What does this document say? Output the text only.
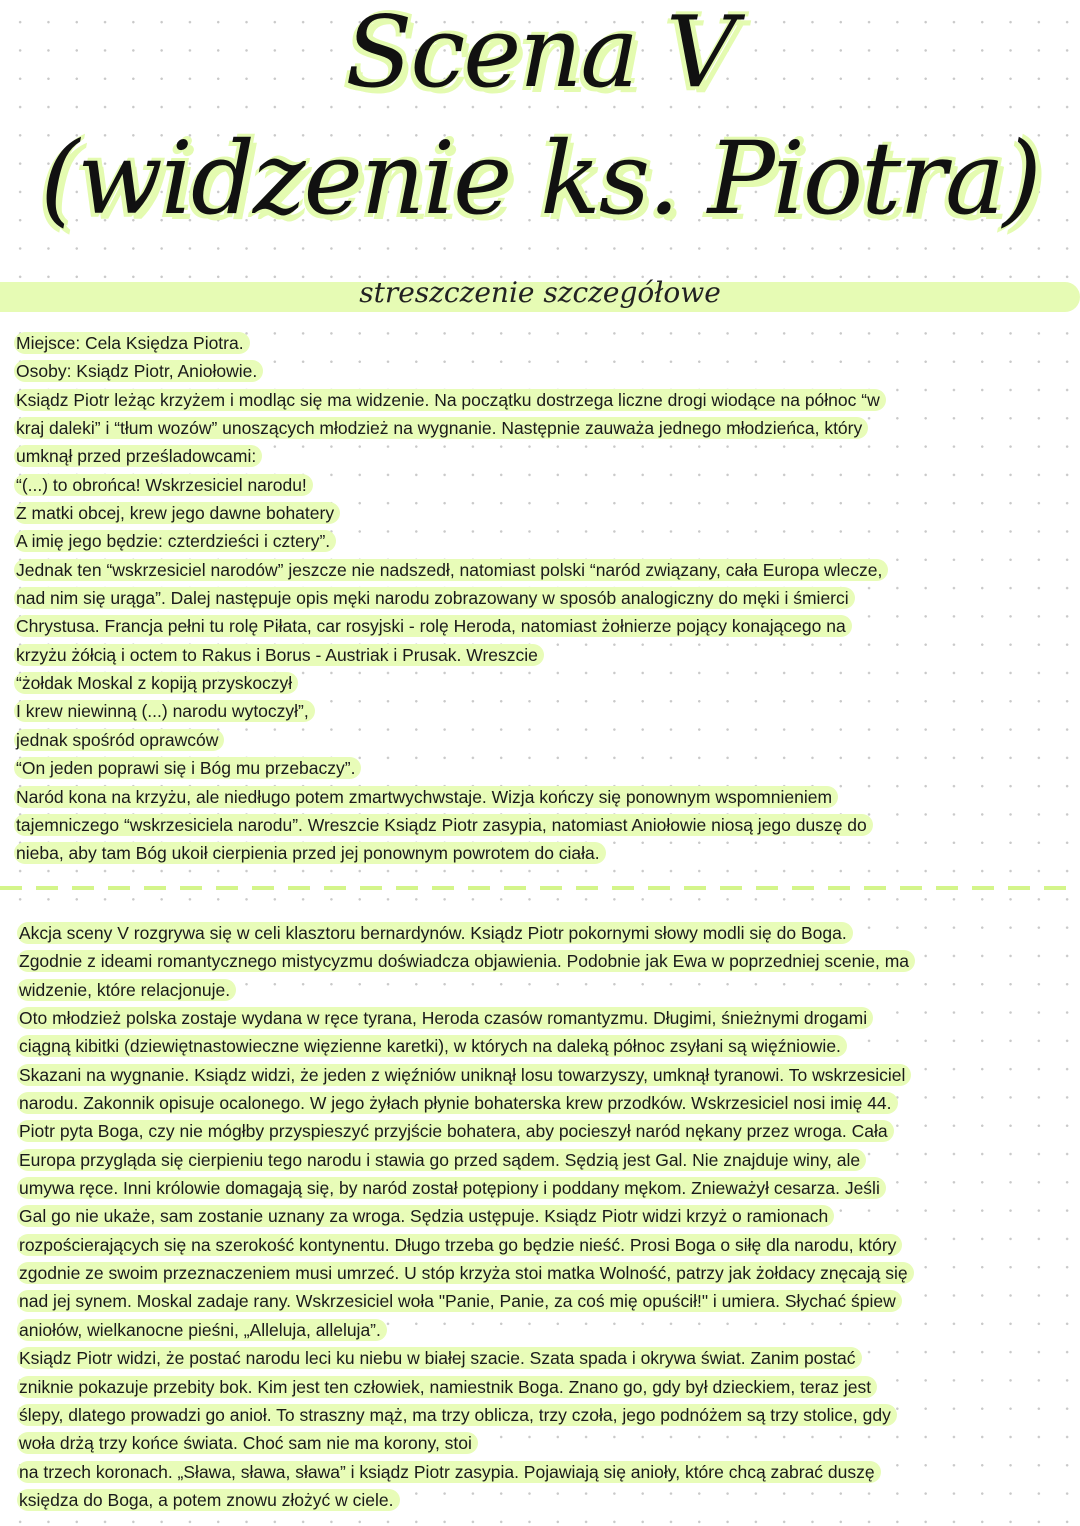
Scena V
(widzenie ks. Piotra)
streszczenie szczegółowe
Miejsce: Cela Księdza Piotra.
Osoby: Ksiądz Piotr, Aniołowie.
Ksiądz Piotr leżąc krzyżem i modląc się ma widzenie. Na początku dostrzega liczne drogi wiodące na północ “w
kraj daleki” i “tłum wozów” unoszących młodzież na wygnanie. Następnie zauważa jednego młodzieńca, który
umknął przed prześladowcami:
“(...) to obrońca! Wskrzesiciel narodu!
Z matki obcej, krew jego dawne bohatery
A imię jego będzie: czterdzieści i cztery”.
Jednak ten “wskrzesiciel narodów” jeszcze nie nadszedł, natomiast polski “naród związany, cała Europa wlecze,
nad nim się urąga”. Dalej następuje opis męki narodu zobrazowany w sposób analogiczny do męki i śmierci
Chrystusa. Francja pełni tu rolę Piłata, car rosyjski - rolę Heroda, natomiast żołnierze pojący konającego na
krzyżu żółcią i octem to Rakus i Borus - Austriak i Prusak. Wreszcie
“żołdak Moskal z kopiją przyskoczył
I krew niewinną (...) narodu wytoczył”,
jednak spośród oprawców
“On jeden poprawi się i Bóg mu przebaczy”.
Naród kona na krzyżu, ale niedługo potem zmartwychwstaje. Wizja kończy się ponownym wspomnieniem
tajemniczego “wskrzesiciela narodu”. Wreszcie Ksiądz Piotr zasypia, natomiast Aniołowie niosą jego duszę do
nieba, aby tam Bóg ukoił cierpienia przed jej ponownym powrotem do ciała.
Akcja sceny V rozgrywa się w celi klasztoru bernardynów. Ksiądz Piotr pokornymi słowy modli się do Boga.
Zgodnie z ideami romantycznego mistycyzmu doświadcza objawienia. Podobnie jak Ewa w poprzedniej scenie, ma
widzenie, które relacjonuje.
Oto młodzież polska zostaje wydana w ręce tyrana, Heroda czasów romantyzmu. Długimi, śnieżnymi drogami
ciągną kibitki (dziewiętnastowieczne więzienne karetki), w których na daleką północ zsyłani są więźniowie.
Skazani na wygnanie. Ksiądz widzi, że jeden z więźniów uniknął losu towarzyszy, umknął tyranowi. To wskrzesiciel
narodu. Zakonnik opisuje ocalonego. W jego żyłach płynie bohaterska krew przodków. Wskrzesiciel nosi imię 44.
Piotr pyta Boga, czy nie mógłby przyspieszyć przyjście bohatera, aby pocieszył naród nękany przez wroga. Cała
Europa przygląda się cierpieniu tego narodu i stawia go przed sądem. Sędzią jest Gal. Nie znajduje winy, ale
umywa ręce. Inni królowie domagają się, by naród został potępiony i poddany mękom. Znieważył cesarza. Jeśli
Gal go nie ukaże, sam zostanie uznany za wroga. Sędzia ustępuje. Ksiądz Piotr widzi krzyż o ramionach
rozpościerających się na szerokość kontynentu. Długo trzeba go będzie nieść. Prosi Boga o siłę dla narodu, który
zgodnie ze swoim przeznaczeniem musi umrzeć. U stóp krzyża stoi matka Wolność, patrzy jak żołdacy znęcają się
nad jej synem. Moskal zadaje rany. Wskrzesiciel woła "Panie, Panie, za coś mię opuścił!" i umiera. Słychać śpiew
aniołów, wielkanocne pieśni, „Alleluja, alleluja”.
Ksiądz Piotr widzi, że postać narodu leci ku niebu w białej szacie. Szata spada i okrywa świat. Zanim postać
zniknie pokazuje przebity bok. Kim jest ten człowiek, namiestnik Boga. Znano go, gdy był dzieckiem, teraz jest
ślepy, dlatego prowadzi go anioł. To straszny mąż, ma trzy oblicza, trzy czoła, jego podnóżem są trzy stolice, gdy
woła drżą trzy końce świata. Choć sam nie ma korony, stoi
na trzech koronach. „Sława, sława, sława” i ksiądz Piotr zasypia. Pojawiają się anioły, które chcą zabrać duszę
księdza do Boga, a potem znowu złożyć w ciele.
